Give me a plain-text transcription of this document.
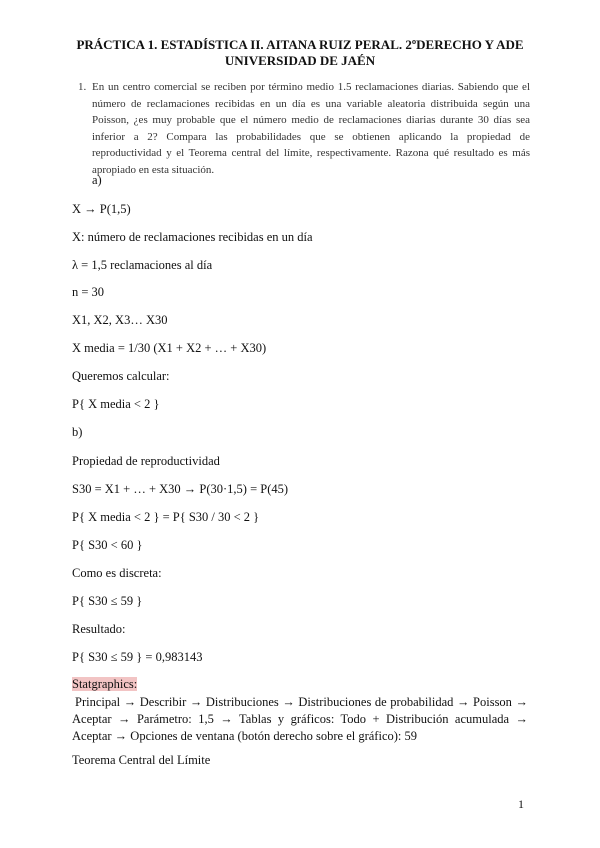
PRÁCTICA 1. ESTADÍSTICA II. AITANA RUIZ PERAL. 2ºDERECHO Y ADE
UNIVERSIDAD DE JAÉN
1. En un centro comercial se reciben por término medio 1.5 reclamaciones diarias. Sabiendo que el número de reclamaciones recibidas en un día es una variable aleatoria distribuida según una Poisson, ¿es muy probable que el número medio de reclamaciones diarias durante 30 días sea inferior a 2? Compara las probabilidades que se obtienen aplicando la propiedad de reproductividad y el Teorema central del límite, respectivamente. Razona qué resultado es más apropiado en esta situación.
a)
X → P(1,5)
X: número de reclamaciones recibidas en un día
λ = 1,5 reclamaciones al día
n = 30
X1, X2, X3… X30
X media = 1/30 (X1 + X2 + … + X30)
Queremos calcular:
P{ X media < 2 }
b)
Propiedad de reproductividad
S30 = X1 + … + X30 → P(30·1,5) = P(45)
P{ X media < 2 } = P{ S30 / 30 < 2 }
P{ S30 < 60 }
Como es discreta:
P{ S30 ≤ 59 }
Resultado:
P{ S30 ≤ 59 } = 0,983143
Statgraphics:
Principal → Describir → Distribuciones → Distribuciones de probabilidad → Poisson → Aceptar → Parámetro: 1,5 → Tablas y gráficos: Todo + Distribución acumulada → Aceptar → Opciones de ventana (botón derecho sobre el gráfico): 59
Teorema Central del Límite
1
